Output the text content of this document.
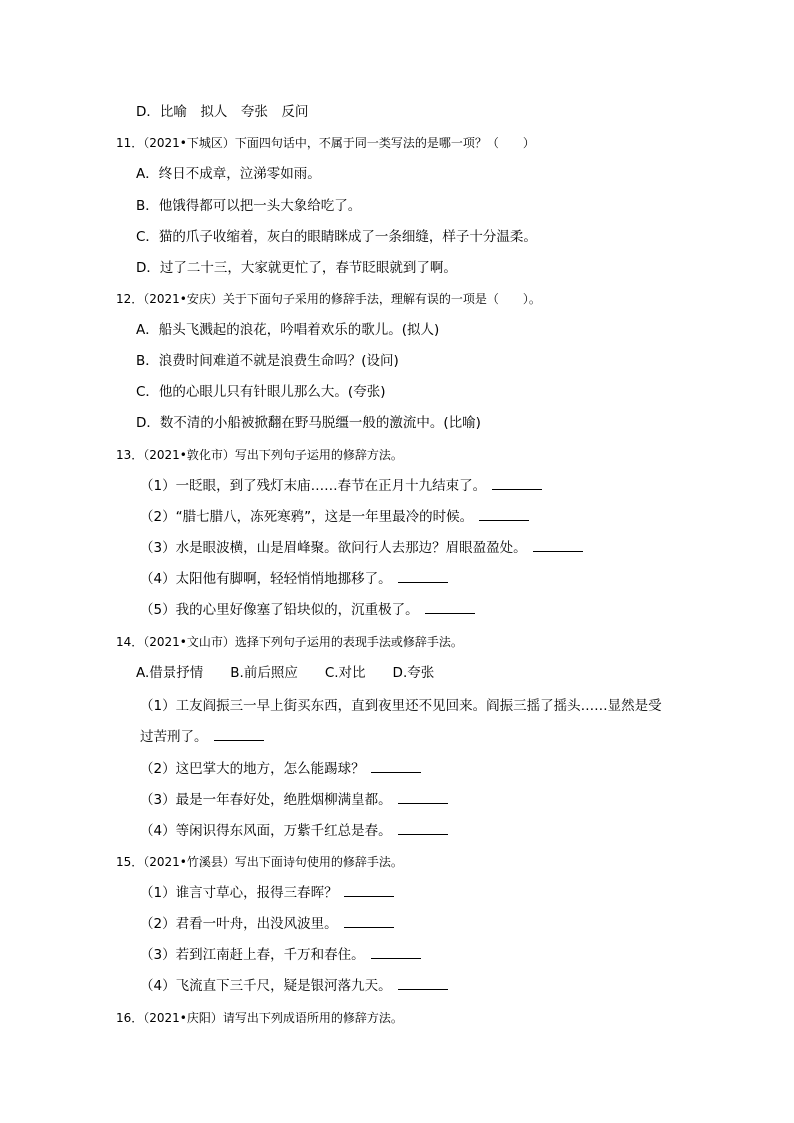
D．比喻　拟人　夸张　反问
11．（2021•下城区）下面四句话中，不属于同一类写法的是哪一项？（　　）
A．终日不成章，泣涕零如雨。
B．他饿得都可以把一头大象给吃了。
C．猫的爪子收缩着，灰白的眼睛眯成了一条细缝，样子十分温柔。
D．过了二十三，大家就更忙了，春节眨眼就到了啊。
12．（2021•安庆）关于下面句子采用的修辞手法，理解有误的一项是（　　）。
A．船头飞溅起的浪花，吟唱着欢乐的歌儿。(拟人)
B．浪费时间难道不就是浪费生命吗？(设问)
C．他的心眼儿只有针眼儿那么大。(夸张)
D．数不清的小船被掀翻在野马脱缰一般的激流中。(比喻)
13．（2021•敦化市）写出下列句子运用的修辞方法。
（1）一眨眼，到了残灯末庙……春节在正月十九结束了。
（2）“腊七腊八，冻死寒鸦”，这是一年里最冷的时候。
（3）水是眼波横，山是眉峰聚。欲问行人去那边？眉眼盈盈处。
（4）太阳他有脚啊，轻轻悄悄地挪移了。
（5）我的心里好像塞了铅块似的，沉重极了。
14．（2021•文山市）选择下列句子运用的表现手法或修辞手法。
A.借景抒情　　B.前后照应　　C.对比　　D.夸张
（1）工友阎振三一早上街买东西，直到夜里还不见回来。阎振三摇了摇头……显然是受
过苦刑了。
（2）这巴掌大的地方，怎么能踢球？
（3）最是一年春好处，绝胜烟柳满皇都。
（4）等闲识得东风面，万紫千红总是春。
15．（2021•竹溪县）写出下面诗句使用的修辞手法。
（1）谁言寸草心，报得三春晖？
（2）君看一叶舟，出没风波里。
（3）若到江南赶上春，千万和春住。
（4）飞流直下三千尺，疑是银河落九天。
16．（2021•庆阳）请写出下列成语所用的修辞方法。
